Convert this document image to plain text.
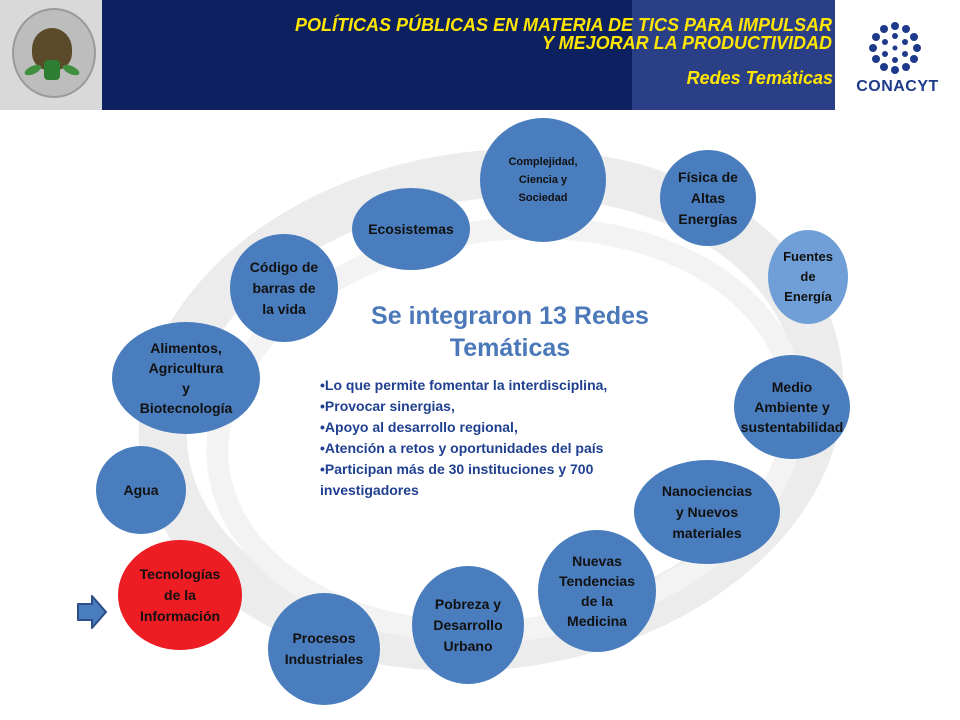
POLÍTICAS PÚBLICAS EN MATERIA DE TICS PARA IMPULSAR
Y MEJORAR LA PRODUCTIVIDAD
Redes Temáticas	CONACYT
Complejidad,
Ciencia y
Sociedad
Física de
Altas
Energías
Fuentes
de
Energía
Medio
Ambiente y
sustentabilidad
Nanociencias
y Nuevos
materiales
Nuevas
Tendencias
de la
Medicina
Pobreza y
Desarrollo
Urbano
Procesos
Industriales
Tecnologías
de la
Información
Agua
Alimentos,
Agricultura
y
Biotecnología
Código de
barras de
la vida
Ecosistemas
Se integraron 13 Redes
Temáticas
•Lo que permite fomentar la interdisciplina,
•Provocar sinergias,
•Apoyo al desarrollo regional,
•Atención a retos y oportunidades del país
•Participan más de 30 instituciones y 700
investigadores
